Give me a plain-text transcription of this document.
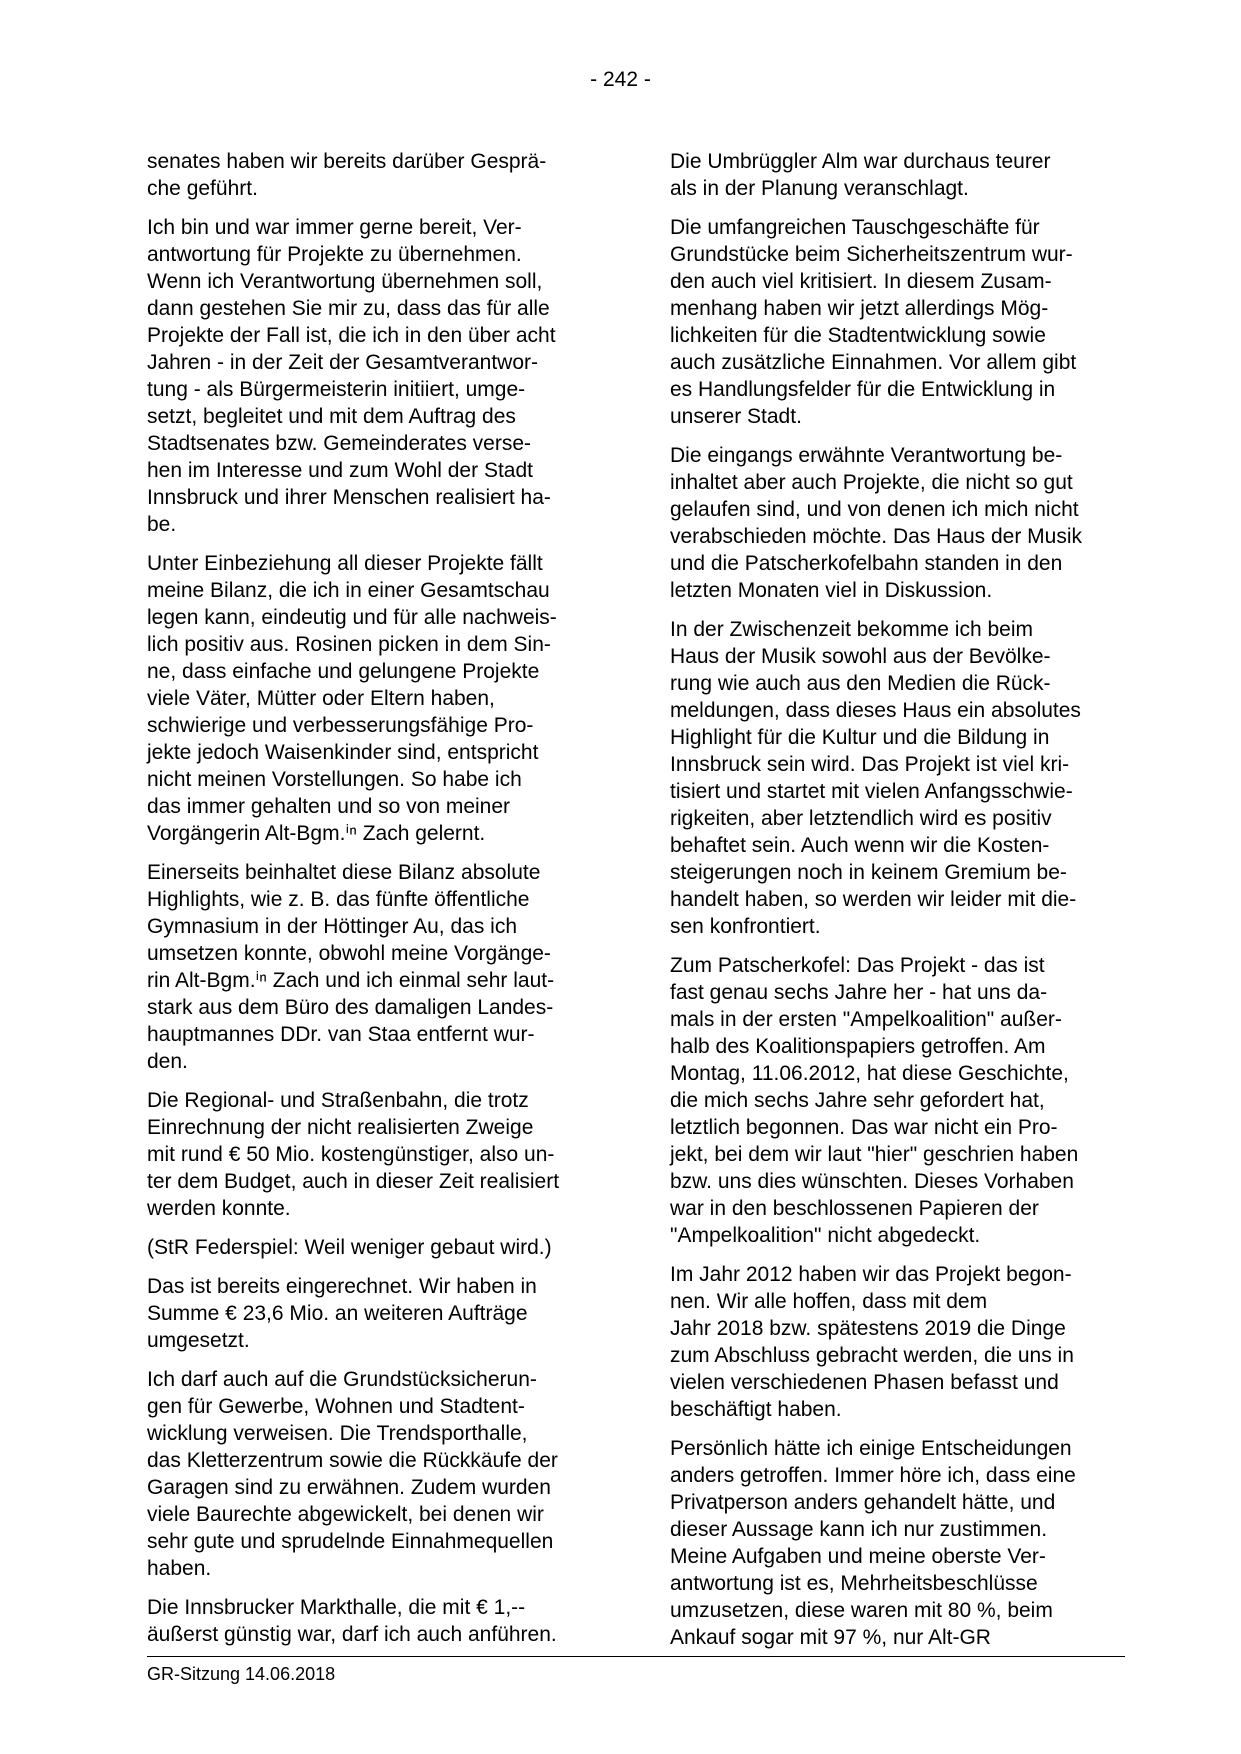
- 242 -

senates haben wir bereits darüber Gesprä-
che geführt.

Ich bin und war immer gerne bereit, Ver-
antwortung für Projekte zu übernehmen.
Wenn ich Verantwortung übernehmen soll,
dann gestehen Sie mir zu, dass das für alle
Projekte der Fall ist, die ich in den über acht
Jahren - in der Zeit der Gesamtverantwor-
tung - als Bürgermeisterin initiiert, umge-
setzt, begleitet und mit dem Auftrag des
Stadtsenates bzw. Gemeinderates verse-
hen im Interesse und zum Wohl der Stadt
Innsbruck und ihrer Menschen realisiert ha-
be.

Unter Einbeziehung all dieser Projekte fällt
meine Bilanz, die ich in einer Gesamtschau
legen kann, eindeutig und für alle nachweis-
lich positiv aus. Rosinen picken in dem Sin-
ne, dass einfache und gelungene Projekte
viele Väter, Mütter oder Eltern haben,
schwierige und verbesserungsfähige Pro-
jekte jedoch Waisenkinder sind, entspricht
nicht meinen Vorstellungen. So habe ich
das immer gehalten und so von meiner
Vorgängerin Alt-Bgm.ⁱⁿ Zach gelernt.

Einerseits beinhaltet diese Bilanz absolute
Highlights, wie z. B. das fünfte öffentliche
Gymnasium in der Höttinger Au, das ich
umsetzen konnte, obwohl meine Vorgänge-
rin Alt-Bgm.ⁱⁿ Zach und ich einmal sehr laut-
stark aus dem Büro des damaligen Landes-
hauptmannes DDr. van Staa entfernt wur-
den.

Die Regional- und Straßenbahn, die trotz
Einrechnung der nicht realisierten Zweige
mit rund € 50 Mio. kostengünstiger, also un-
ter dem Budget, auch in dieser Zeit realisiert
werden konnte.

(StR Federspiel: Weil weniger gebaut wird.)

Das ist bereits eingerechnet. Wir haben in
Summe € 23,6 Mio. an weiteren Aufträge
umgesetzt.

Ich darf auch auf die Grundstücksicherun-
gen für Gewerbe, Wohnen und Stadtent-
wicklung verweisen. Die Trendsporthalle,
das Kletterzentrum sowie die Rückkäufe der
Garagen sind zu erwähnen. Zudem wurden
viele Baurechte abgewickelt, bei denen wir
sehr gute und sprudelnde Einnahmequellen
haben.

Die Innsbrucker Markthalle, die mit € 1,--
äußerst günstig war, darf ich auch anführen.

Die Umbrüggler Alm war durchaus teurer
als in der Planung veranschlagt.

Die umfangreichen Tauschgeschäfte für
Grundstücke beim Sicherheitszentrum wur-
den auch viel kritisiert. In diesem Zusam-
menhang haben wir jetzt allerdings Mög-
lichkeiten für die Stadtentwicklung sowie
auch zusätzliche Einnahmen. Vor allem gibt
es Handlungsfelder für die Entwicklung in
unserer Stadt.

Die eingangs erwähnte Verantwortung be-
inhaltet aber auch Projekte, die nicht so gut
gelaufen sind, und von denen ich mich nicht
verabschieden möchte. Das Haus der Musik
und die Patscherkofelbahn standen in den
letzten Monaten viel in Diskussion.

In der Zwischenzeit bekomme ich beim
Haus der Musik sowohl aus der Bevölke-
rung wie auch aus den Medien die Rück-
meldungen, dass dieses Haus ein absolutes
Highlight für die Kultur und die Bildung in
Innsbruck sein wird. Das Projekt ist viel kri-
tisiert und startet mit vielen Anfangsschwie-
rigkeiten, aber letztendlich wird es positiv
behaftet sein. Auch wenn wir die Kosten-
steigerungen noch in keinem Gremium be-
handelt haben, so werden wir leider mit die-
sen konfrontiert.

Zum Patscherkofel: Das Projekt - das ist
fast genau sechs Jahre her - hat uns da-
mals in der ersten "Ampelkoalition" außer-
halb des Koalitionspapiers getroffen. Am
Montag, 11.06.2012, hat diese Geschichte,
die mich sechs Jahre sehr gefordert hat,
letztlich begonnen. Das war nicht ein Pro-
jekt, bei dem wir laut "hier" geschrien haben
bzw. uns dies wünschten. Dieses Vorhaben
war in den beschlossenen Papieren der
"Ampelkoalition" nicht abgedeckt.

Im Jahr 2012 haben wir das Projekt begon-
nen. Wir alle hoffen, dass mit dem
Jahr 2018 bzw. spätestens 2019 die Dinge
zum Abschluss gebracht werden, die uns in
vielen verschiedenen Phasen befasst und
beschäftigt haben.

Persönlich hätte ich einige Entscheidungen
anders getroffen. Immer höre ich, dass eine
Privatperson anders gehandelt hätte, und
dieser Aussage kann ich nur zustimmen.
Meine Aufgaben und meine oberste Ver-
antwortung ist es, Mehrheitsbeschlüsse
umzusetzen, diese waren mit 80 %, beim
Ankauf sogar mit 97 %, nur Alt-GR

GR-Sitzung 14.06.2018
